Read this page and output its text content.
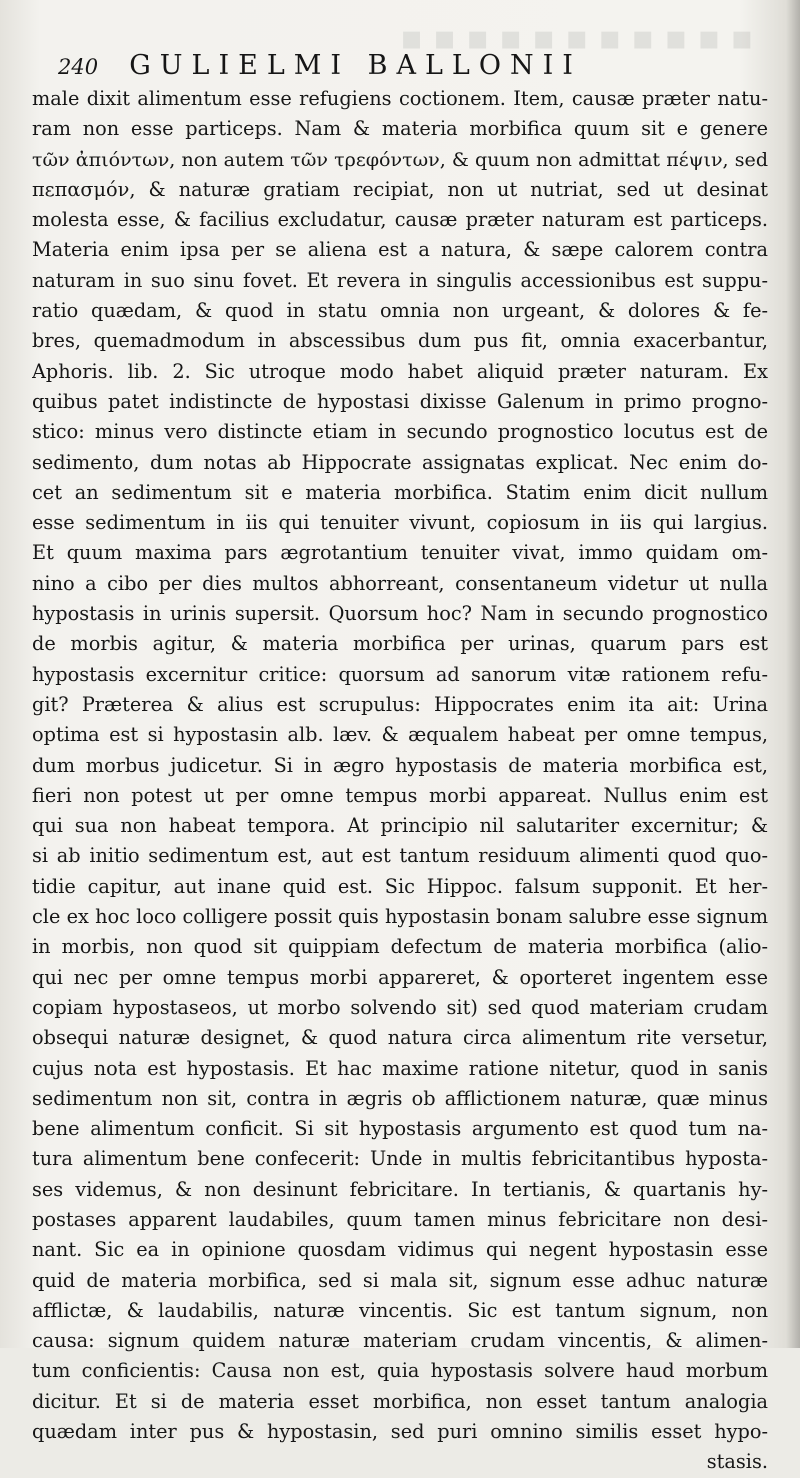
▪▪▪▪▪▪▪▪▪▪▪
240 GULIELMI BALLONII
male dixit alimentum esse refugiens coctionem. Item, causæ præter natu-
ram non esse particeps. Nam & materia morbifica quum sit e genere
τῶν ἀπιόντων, non autem τῶν τρεφόντων, & quum non admittat πέψιν, sed
πεπασμόν, & naturæ gratiam recipiat, non ut nutriat, sed ut desinat
molesta esse, & facilius excludatur, causæ præter naturam est particeps.
Materia enim ipsa per se aliena est a natura, & sæpe calorem contra
naturam in suo sinu fovet. Et revera in singulis accessionibus est suppu-
ratio quædam, & quod in statu omnia non urgeant, & dolores & fe-
bres, quemadmodum in abscessibus dum pus fit, omnia exacerbantur,
Aphoris. lib. 2. Sic utroque modo habet aliquid præter naturam. Ex
quibus patet indistincte de hypostasi dixisse Galenum in primo progno-
stico: minus vero distincte etiam in secundo prognostico locutus est de
sedimento, dum notas ab Hippocrate assignatas explicat. Nec enim do-
cet an sedimentum sit e materia morbifica. Statim enim dicit nullum
esse sedimentum in iis qui tenuiter vivunt, copiosum in iis qui largius.
Et quum maxima pars ægrotantium tenuiter vivat, immo quidam om-
nino a cibo per dies multos abhorreant, consentaneum videtur ut nulla
hypostasis in urinis supersit. Quorsum hoc? Nam in secundo prognostico
de morbis agitur, & materia morbifica per urinas, quarum pars est
hypostasis excernitur critice: quorsum ad sanorum vitæ rationem refu-
git? Præterea & alius est scrupulus: Hippocrates enim ita ait: Urina
optima est si hypostasin alb. læv. & æqualem habeat per omne tempus,
dum morbus judicetur. Si in ægro hypostasis de materia morbifica est,
fieri non potest ut per omne tempus morbi appareat. Nullus enim est
qui sua non habeat tempora. At principio nil salutariter excernitur; &
si ab initio sedimentum est, aut est tantum residuum alimenti quod quo-
tidie capitur, aut inane quid est. Sic Hippoc. falsum supponit. Et her-
cle ex hoc loco colligere possit quis hypostasin bonam salubre esse signum
in morbis, non quod sit quippiam defectum de materia morbifica (alio-
qui nec per omne tempus morbi appareret, & oporteret ingentem esse
copiam hypostaseos, ut morbo solvendo sit) sed quod materiam crudam
obsequi naturæ designet, & quod natura circa alimentum rite versetur,
cujus nota est hypostasis. Et hac maxime ratione nitetur, quod in sanis
sedimentum non sit, contra in ægris ob afflictionem naturæ, quæ minus
bene alimentum conficit. Si sit hypostasis argumento est quod tum na-
tura alimentum bene confecerit: Unde in multis febricitantibus hyposta-
ses videmus, & non desinunt febricitare. In tertianis, & quartanis hy-
postases apparent laudabiles, quum tamen minus febricitare non desi-
nant. Sic ea in opinione quosdam vidimus qui negent hypostasin esse
quid de materia morbifica, sed si mala sit, signum esse adhuc naturæ
afflictæ, & laudabilis, naturæ vincentis. Sic est tantum signum, non
causa: signum quidem naturæ materiam crudam vincentis, & alimen-
tum conficientis: Causa non est, quia hypostasis solvere haud morbum
dicitur. Et si de materia esset morbifica, non esset tantum analogia
quædam inter pus & hypostasin, sed puri omnino similis esset hypo-
stasis.
